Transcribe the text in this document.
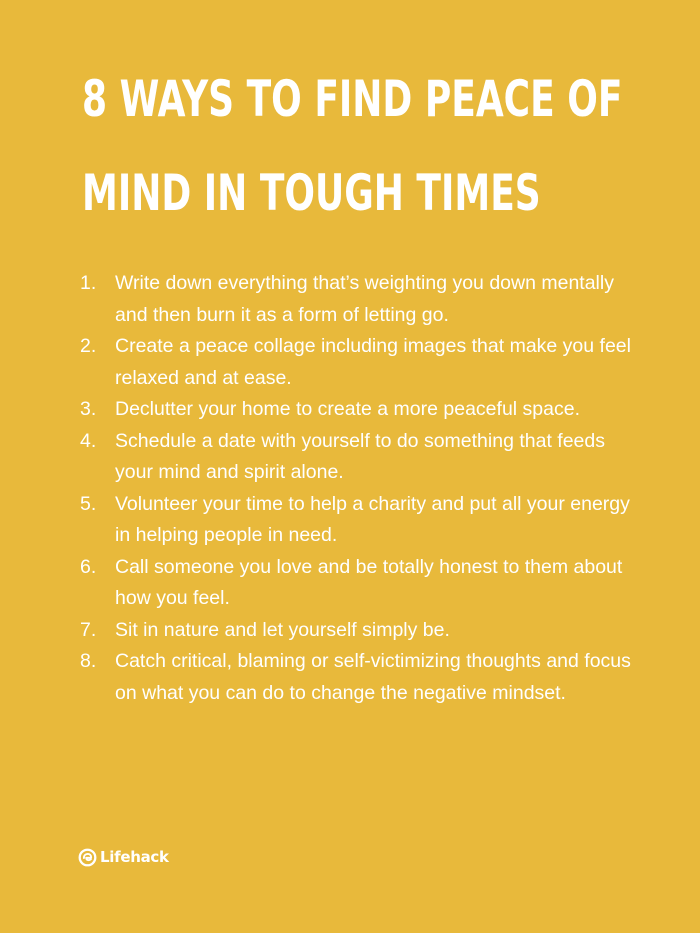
8 WAYS TO FIND PEACE OF
MIND IN TOUGH TIMES
1. Write down everything that’s weighting you down mentally and then burn it as a form of letting go.
2. Create a peace collage including images that make you feel relaxed and at ease.
3. Declutter your home to create a more peaceful space.
4. Schedule a date with yourself to do something that feeds your mind and spirit alone.
5. Volunteer your time to help a charity and put all your energy in helping people in need.
6. Call someone you love and be totally honest to them about how you feel.
7. Sit in nature and let yourself simply be.
8. Catch critical, blaming or self-victimizing thoughts and focus on what you can do to change the negative mindset.
Lifehack
